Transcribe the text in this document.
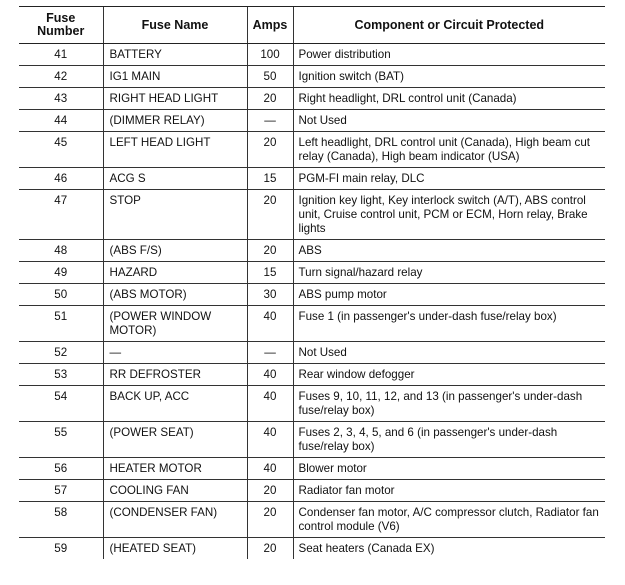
Fuse
Number	Fuse Name	Amps	Component or Circuit Protected
41	BATTERY	100	Power distribution
42	IG1 MAIN	50	Ignition switch (BAT)
43	RIGHT HEAD LIGHT	20	Right headlight, DRL control unit (Canada)
44	(DIMMER RELAY)	—	Not Used
45	LEFT HEAD LIGHT	20	Left headlight, DRL control unit (Canada), High beam cut relay (Canada), High beam indicator (USA)
46	ACG S	15	PGM-FI main relay, DLC
47	STOP	20	Ignition key light, Key interlock switch (A/T), ABS control unit, Cruise control unit, PCM or ECM, Horn relay, Brake lights
48	(ABS F/S)	20	ABS
49	HAZARD	15	Turn signal/hazard relay
50	(ABS MOTOR)	30	ABS pump motor
51	(POWER WINDOW MOTOR)	40	Fuse 1 (in passenger's under-dash fuse/relay box)
52	—	—	Not Used
53	RR DEFROSTER	40	Rear window defogger
54	BACK UP, ACC	40	Fuses 9, 10, 11, 12, and 13 (in passenger's under-dash fuse/relay box)
55	(POWER SEAT)	40	Fuses 2, 3, 4, 5, and 6 (in passenger's under-dash fuse/relay box)
56	HEATER MOTOR	40	Blower motor
57	COOLING FAN	20	Radiator fan motor
58	(CONDENSER FAN)	20	Condenser fan motor, A/C compressor clutch, Radiator fan control module (V6)
59	(HEATED SEAT)	20	Seat heaters (Canada EX)
